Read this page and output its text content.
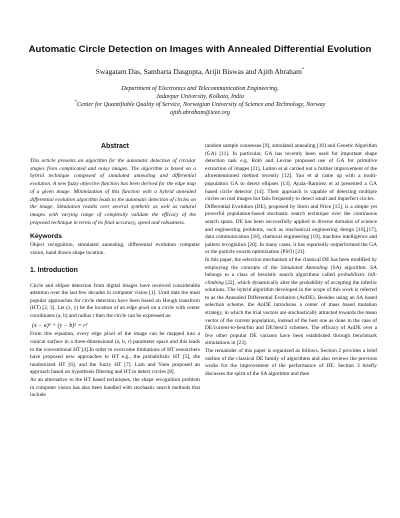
Automatic Circle Detection on Images with Annealed Differential Evolution
Swagatam Das, Sambarta Dasgupta, Arijit Biswas and Ajith Abraham*
Department of Electronics and Telecommunication Engineering,
Jadavpur University, Kolkata, India
*Center for Quantifiable Quality of Service, Norwegian University of Science and Technology, Norway
ajith.abraham@ieee.org
Abstract

This article presents an algorithm for the automatic detection of circular shapes from complicated and noisy images. The algorithm is based on a hybrid technique composed of simulated annealing and differential evolution. A new fuzzy objective function has been derived for the edge map of a given image. Minimization of this function with a hybrid annealed differential evolution algorithm leads to the automatic detection of circles on the image. Simulation results over several synthetic as well as natural images with varying range of complexity validate the efficacy of the proposed technique in terms of its final accuracy, speed and robustness.

Keywords

Object recognition, simulated annealing, differential evolution computer vision, hand drawn shape location.

1. Introduction

Circle and ellipse detection from digital images have received considerable attention over the last few decades in computer vision [1]. Until date the most popular approaches for circle detection have been based on Hough transform (HT) [2, 3]. Let (x, y) be the location of an edge pixel on a circle with center coordinates (a, b) and radius r then the circle can be expressed as:

(x − a)² + (y − b)² = r²

From this equation, every edge pixel of the image can be mapped into a conical surface in a three-dimensional (a, b, r) parameter space and this leads to the conventional HT [4].In order to overcome limitations of HT researchers have proposed new approaches to HT e.g., the probabilistic HT [5], the randomized HT [6], and the fuzzy HT [7]. Lam and Yuen proposed an approach based on hypothesis filtering and HT to detect circles [8].

As an alternative to the HT based techniques, the shape recognition problem in computer vision has also been handled with stochastic search methods that include

random sample consensus [9], simulated annealing [10] and Genetic Algorithm (GA) [11]. In particular, GA has recently been used for important shape detection task e.g. Roth and Levine proposed use of GA for primitive extraction of images [11]. Lutton et al carried out a further improvement of the aforementioned method recently [12]. Yao et al came up with a multi-population GA to detect ellipses [13]. Ayala–Ramirez et al presented a GA based circle detector [14]. Their approach is capable of detecting multiple circles on real images but fails frequently to detect small and imperfect circles.

Differential Evolution (DE), proposed by Storn and Price [15], is a simple yet powerful population-based stochastic search technique over the continuous search space. DE has been successfully applied in diverse domains of science and engineering problems, such as mechanical engineering design [16],[17], data communication [18], chemical engineering [19], machine intelligence and pattern recognition [20]. In many cases, it has reportedly outperformed the GA or the particle swarm optimization (PSO) [21].

In this paper, the selection mechanism of the classical DE has been modified by employing the concepts of the Simulated Annealing (SA) algorithm. SA belongs to a class of heuristic search algorithms called probabilistic hill-climbing [22], which dynamically alter the probability of accepting the inferior solutions. The hybrid algorithm developed in the scope of this work is referred to as the Annealed Differential Evolution (AnDE). Besides using an SA based selection scheme, the AnDE introduces a center of mass based mutation strategy, in which the trial vectors are stochastically attracted towards the mean vector of the current population, instead of the best one as done in the case of DE/current-to-best/bin and DE/best/2 schemes. The efficacy of AnDE over a few other popular DE variants have been established through benchmark simulations in [23].

The remainder of this paper is organized as follows. Section 2 provides a brief outline of the classical DE family of algorithms and also reviews the previous works for the improvement of the performance of DE. Section 3 briefly discusses the spirit of the SA algorithm and then
